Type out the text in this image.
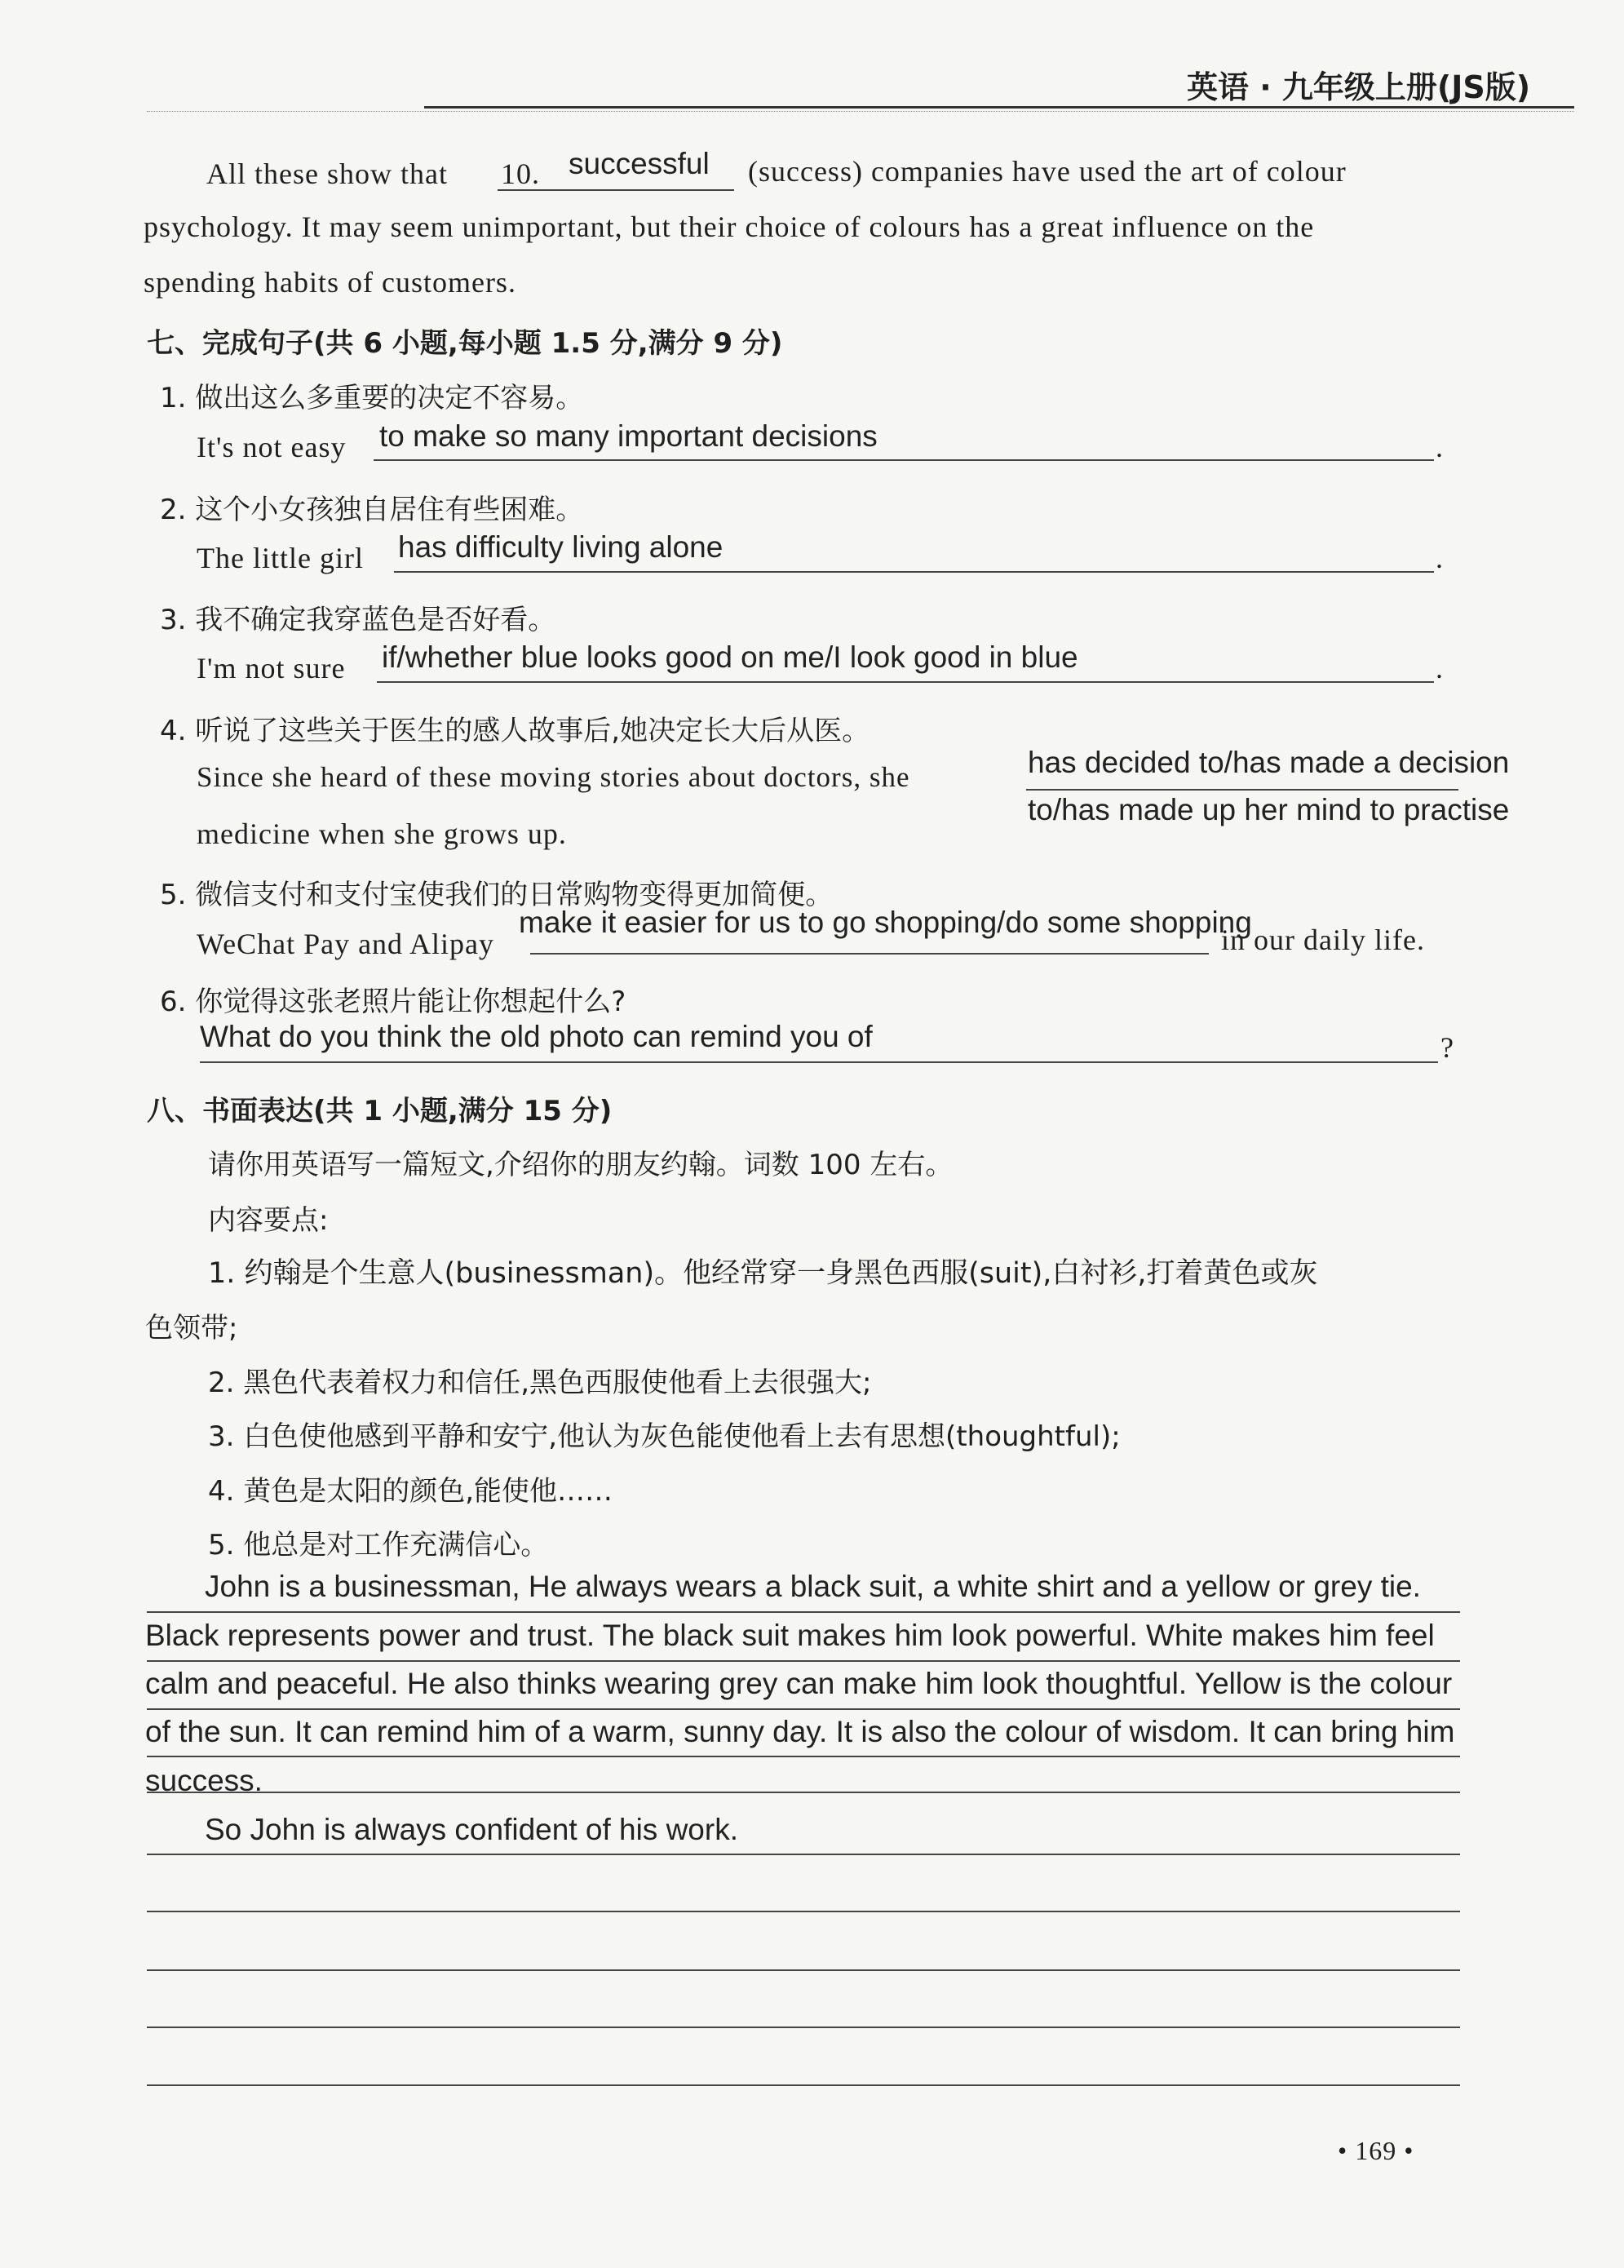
英语 · 九年级上册(JS版)
All these show that 10. successful (success) companies have used the art of colour
psychology. It may seem unimportant, but their choice of colours has a great influence on the
spending habits of customers.
七、完成句子(共 6 小题,每小题 1.5 分,满分 9 分)
1. 做出这么多重要的决定不容易。
It's not easy to make so many important decisions	.
2. 这个小女孩独自居住有些困难。
The little girl has difficulty living alone	.
3. 我不确定我穿蓝色是否好看。
I'm not sure if/whether blue looks good on me/I look good in blue	.
4. 听说了这些关于医生的感人故事后,她决定长大后从医。
Since she heard of these moving stories about doctors, she	has decided to/has made a decision
to/has made up her mind to practise
medicine when she grows up.
5. 微信支付和支付宝使我们的日常购物变得更加简便。
WeChat Pay and Alipay
make it easier for us to go shopping/do some shopping
in our daily life.
6. 你觉得这张老照片能让你想起什么?
What do you think the old photo can remind you of	?
八、书面表达(共 1 小题,满分 15 分)
请你用英语写一篇短文,介绍你的朋友约翰。词数 100 左右。
内容要点:
1. 约翰是个生意人(businessman)。他经常穿一身黑色西服(suit),白衬衫,打着黄色或灰
色领带;
2. 黑色代表着权力和信任,黑色西服使他看上去很强大;
3. 白色使他感到平静和安宁,他认为灰色能使他看上去有思想(thoughtful);
4. 黄色是太阳的颜色,能使他……
5. 他总是对工作充满信心。
John is a businessman, He always wears a black suit, a white shirt and a yellow or grey tie.
Black represents power and trust. The black suit makes him look powerful. White makes him feel
calm and peaceful. He also thinks wearing grey can make him look thoughtful. Yellow is the colour
of the sun. It can remind him of a warm, sunny day. It is also the colour of wisdom. It can bring him
success.
So John is always confident of his work.
• 169 •
